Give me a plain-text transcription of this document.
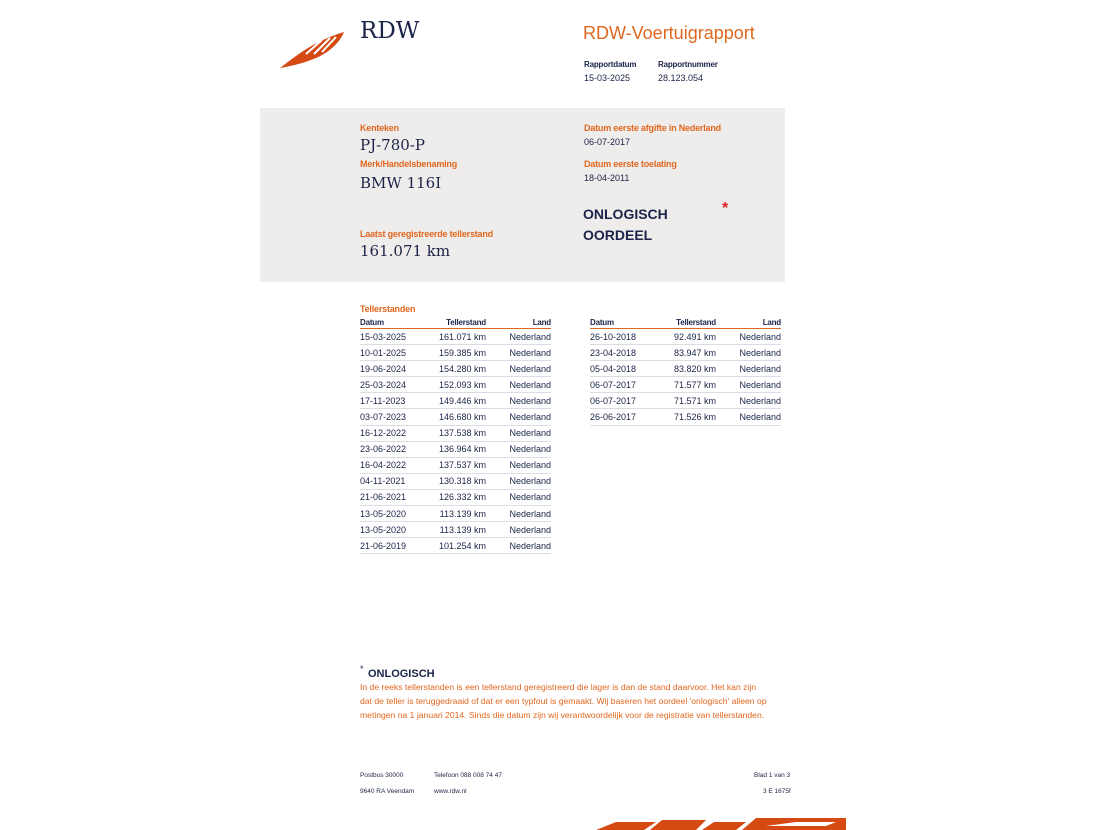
RDW	RDW-Voertuigrapport
Rapportdatum
15-03-2025
Rapportnummer
28.123.054
Kenteken
PJ-780-P
Merk/Handelsbenaming
BMW 116I
Laatst geregistreerde tellerstand
161.071 km
Datum eerste afgifte in Nederland
06-07-2017
Datum eerste toelating
18-04-2011
ONLOGISCH
OORDEEL
*
Tellerstanden
Datum	Tellerstand	Land
15-03-2025	161.071 km	Nederland
10-01-2025	159.385 km	Nederland
19-06-2024	154.280 km	Nederland
25-03-2024	152.093 km	Nederland
17-11-2023	149.446 km	Nederland
03-07-2023	146.680 km	Nederland
16-12-2022	137.538 km	Nederland
23-06-2022	136.964 km	Nederland
16-04-2022	137.537 km	Nederland
04-11-2021	130.318 km	Nederland
21-06-2021	126.332 km	Nederland
13-05-2020	113.139 km	Nederland
13-05-2020	113.139 km	Nederland
21-06-2019	101.254 km	Nederland
Datum	Tellerstand	Land
26-10-2018	92.491 km	Nederland
23-04-2018	83.947 km	Nederland
05-04-2018	83.820 km	Nederland
06-07-2017	71.577 km	Nederland
06-07-2017	71.571 km	Nederland
26-06-2017	71.526 km	Nederland
* ONLOGISCH
In de reeks tellerstanden is een tellerstand geregistreerd die lager is dan de stand daarvoor. Het kan zijn
dat de teller is teruggedraaid of dat er een typfout is gemaakt. Wij baseren het oordeel 'onlogisch' alleen op
metingen na 1 januari 2014. Sinds die datum zijn wij verantwoordelijk voor de registratie van tellerstanden.
Postbus 30000
9640 RA Veendam
Telefoon 088 008 74 47
www.rdw.nl
Blad 1 van 3
3 E 1675f
